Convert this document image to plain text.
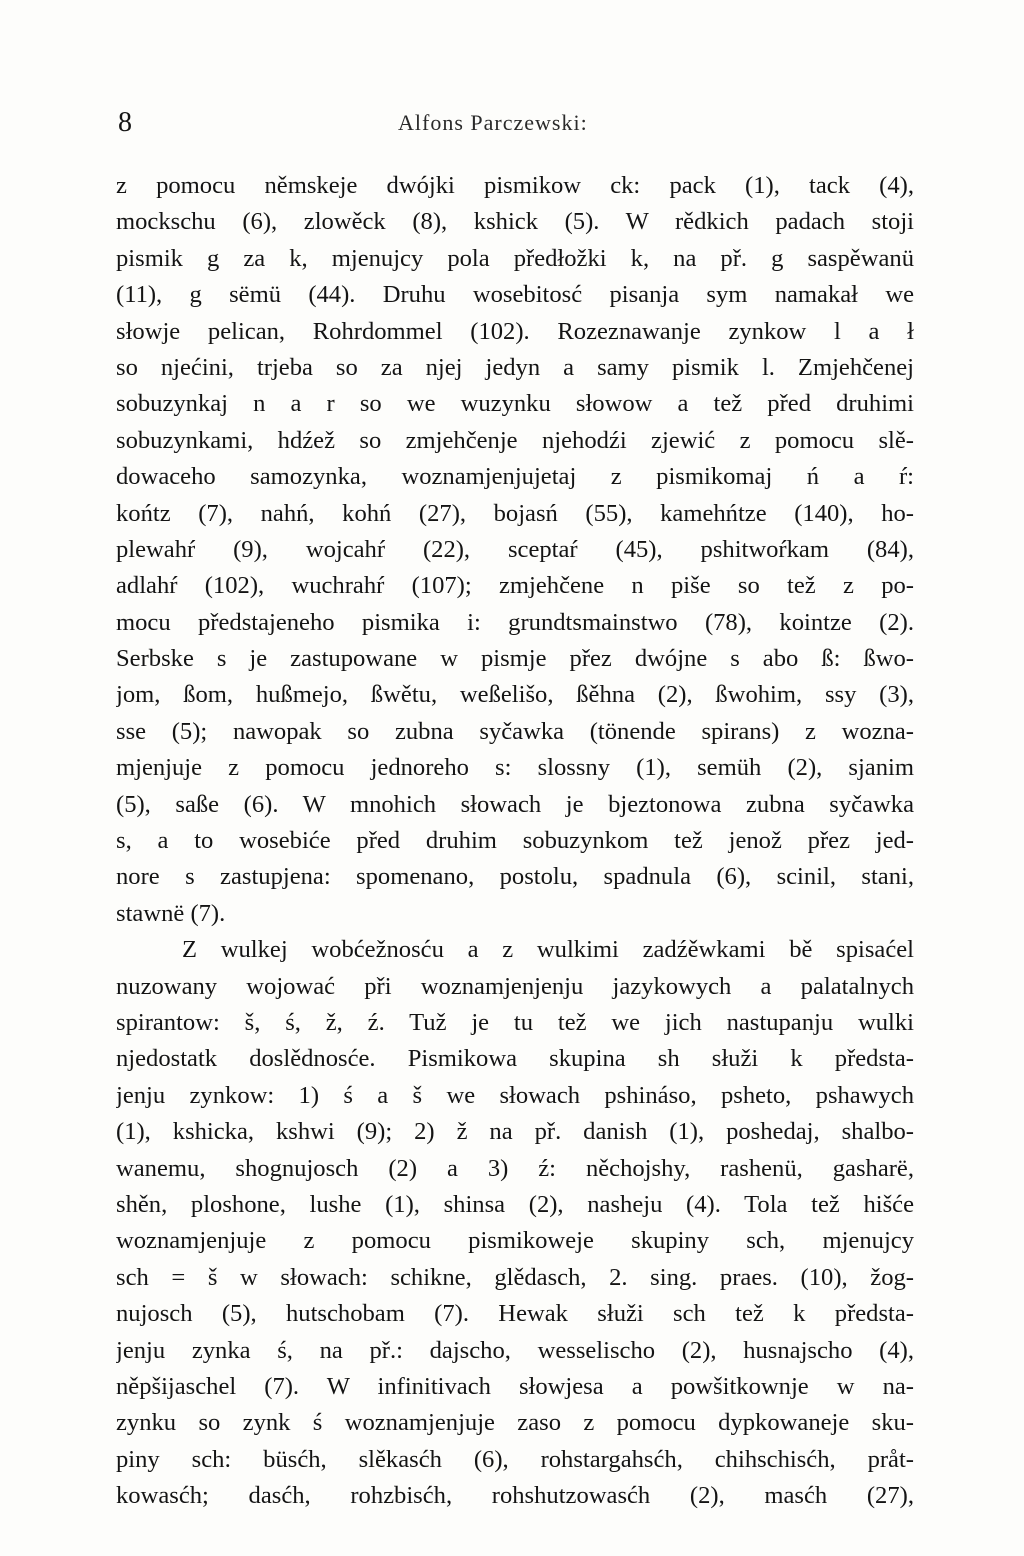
8	Alfons Parczewski:
z pomocu němskeje dwójki pismikow ck: pack (1), tack (4),
mockschu (6), zlowěck (8), kshick (5). W rědkich padach stoji
pismik g za k, mjenujcy pola předłožki k, na př. g saspěwanü
(11), g sëmü (44). Druhu wosebitosć pisanja sym namakał we
słowje pelican, Rohrdommel (102). Rozeznawanje zynkow l a ł
so njećini, trjeba so za njej jedyn a samy pismik l. Zmjehčenej
sobuzynkaj n a r so we wuzynku słowow a tež před druhimi
sobuzynkami, hdźež so zmjehčenje njehodźi zjewić z pomocu slě-
dowaceho samozynka, woznamjenjujetaj z pismikomaj ń a ŕ:
końtz (7), nahń, kohń (27), bojasń (55), kamehńtze (140), ho-
plewahŕ (9), wojcahŕ (22), sceptaŕ (45), pshitwoŕkam (84),
adlahŕ (102), wuchrahŕ (107); zmjehčene n piše so tež z po-
mocu předstajeneho pismika i: grundtsmainstwo (78), kointze (2).
Serbske s je zastupowane w pismje přez dwójne s abo ß: ßwo-
jom, ßom, hußmejo, ßwětu, weßelišo, ßěhna (2), ßwohim, ssy (3),
sse (5); nawopak so zubna syčawka (tönende spirans) z wozna-
mjenjuje z pomocu jednoreho s: slossny (1), semüh (2), sjanim
(5), saße (6). W mnohich słowach je bjeztonowa zubna syčawka
s, a to wosebiće před druhim sobuzynkom tež jenož přez jed-
nore s zastupjena: spomenano, postolu, spadnula (6), scinil, stani,
stawnë (7).
Z wulkej wobćežnosću a z wulkimi zadźěwkami bě spisaćel
nuzowany wojować při woznamjenjenju jazykowych a palatalnych
spirantow: š, ś, ž, ź. Tuž je tu tež we jich nastupanju wulki
njedostatk doslědnosće. Pismikowa skupina sh słuži k předsta-
jenju zynkow: 1) ś a š we słowach pshináso, psheto, pshawych
(1), kshicka, kshwi (9); 2) ž na př. danish (1), poshedaj, shalbo-
wanemu, shognujosch (2) a 3) ź: něchojshy, rashenü, gasharë,
shěn, ploshone, lushe (1), shinsa (2), nasheju (4). Tola tež hišće
woznamjenjuje z pomocu pismikoweje skupiny sch, mjenujcy
sch = š w słowach: schikne, glědasch, 2. sing. praes. (10), žog-
nujosch (5), hutschobam (7). Hewak słuži sch tež k předsta-
jenju zynka ś, na př.: dajscho, wesselischo (2), husnajscho (4),
něpšijaschel (7). W infinitivach słowjesa a powšitkownje w na-
zynku so zynk ś woznamjenjuje zaso z pomocu dypkowaneje sku-
piny sch: büsćh, slěkasćh (6), rohstargahsćh, chihschisćh, pråt-
kowasćh; dasćh, rohzbisćh, rohshutzowasćh (2), masćh (27),
